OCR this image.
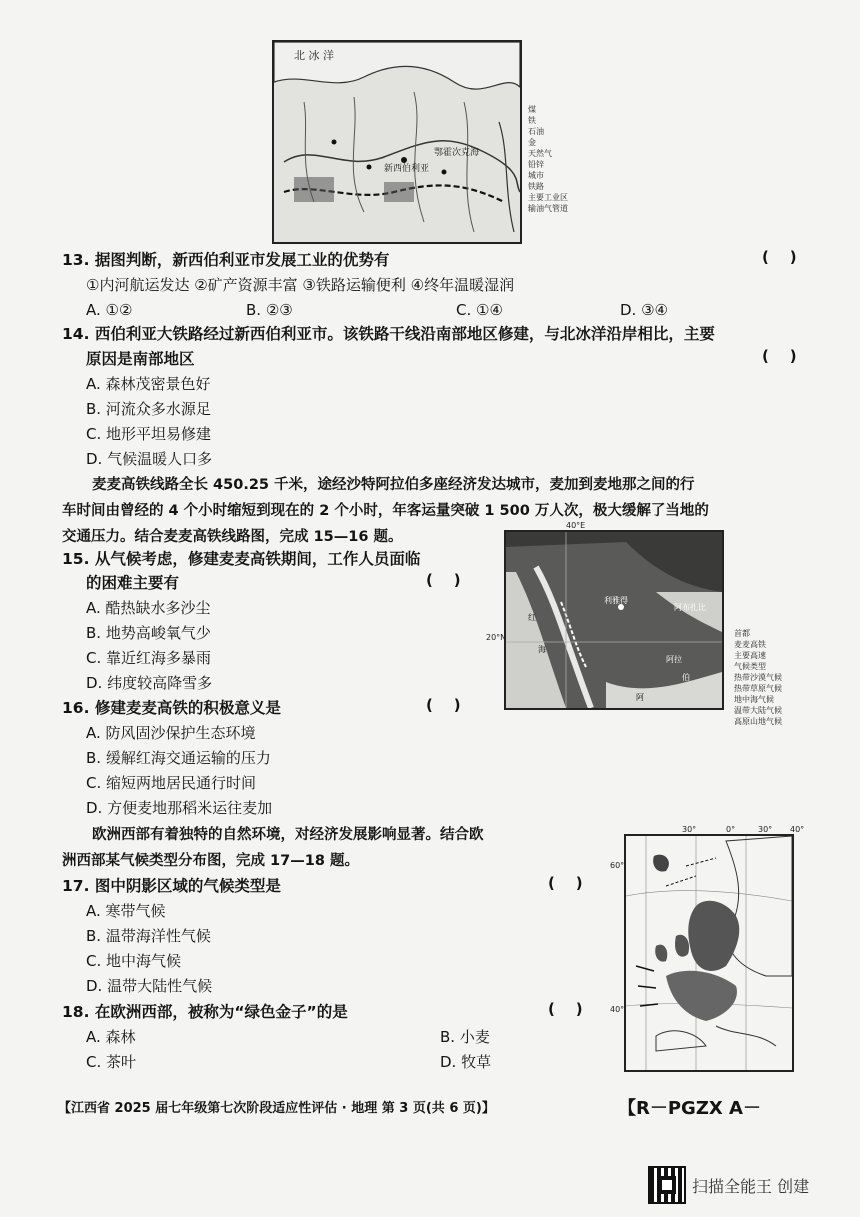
北 冰 洋
新西伯利亚
鄂霍次克海
煤
铁
石油
金
天然气
铅锌
城市
铁路
主要工业区
输油气管道
13. 据图判断，新西伯利亚市发展工业的优势有	(    )
①内河航运发达 ②矿产资源丰富 ③铁路运输便利 ④终年温暖湿润
A. ①②	B. ②③	C. ①④	D. ③④
14. 西伯利亚大铁路经过新西伯利亚市。该铁路干线沿南部地区修建，与北冰洋沿岸相比，主要
原因是南部地区	(    )
A. 森林茂密景色好
B. 河流众多水源足
C. 地形平坦易修建
D. 气候温暖人口多
麦麦高铁线路全长 450.25 千米，途经沙特阿拉伯多座经济发达城市，麦加到麦地那之间的行
车时间由曾经的 4 个小时缩短到现在的 2 个小时，年客运量突破 1 500 万人次，极大缓解了当地的
交通压力。结合麦麦高铁线路图，完成 15—16 题。
利雅得
红
海
阿布扎比
阿拉
伯
阿
40°E
20°N	首都
麦麦高铁
主要高速
气候类型
热带沙漠气候
热带草原气候
地中海气候
温带大陆气候
高原山地气候
15. 从气候考虑，修建麦麦高铁期间，工作人员面临
的困难主要有	(    )
A. 酷热缺水多沙尘
B. 地势高峻氧气少
C. 靠近红海多暴雨
D. 纬度较高降雪多
16. 修建麦麦高铁的积极意义是	(    )
A. 防风固沙保护生态环境
B. 缓解红海交通运输的压力
C. 缩短两地居民通行时间
D. 方便麦地那稻米运往麦加
欧洲西部有着独特的自然环境，对经济发展影响显著。结合欧
洲西部某气候类型分布图，完成 17—18 题。
30°	0°	30° 40°
60°
40°
17. 图中阴影区域的气候类型是	(    )
A. 寒带气候
B. 温带海洋性气候
C. 地中海气候
D. 温带大陆性气候
18. 在欧洲西部，被称为“绿色金子”的是	(    )
A. 森林	B. 小麦
C. 茶叶	D. 牧草
【江西省 2025 届七年级第七次阶段适应性评估 · 地理 第 3 页(共 6 页)】	【R－PGZX A－
扫描全能王 创建
